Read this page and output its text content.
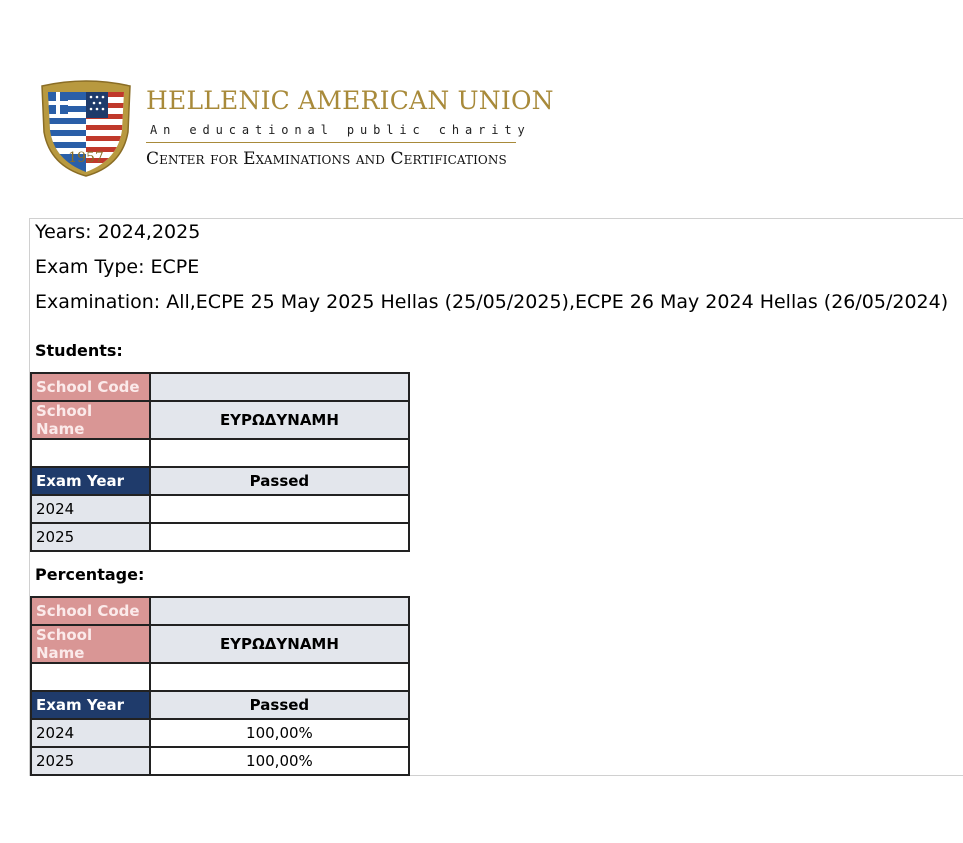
1957
HELLENIC AMERICAN UNION
An educational public charity
Center for Examinations and Certifications
Years: 2024,2025
Exam Type: ECPE
Examination: All,ECPE 25 May 2025 Hellas (25/05/2025),ECPE 26 May 2024 Hellas (26/05/2024)
Students:
School Code	
School Name	ΕΥΡΩΔΥΝΑΜΗ

Exam Year	Passed
2024	
2025	
Percentage:
School Code	
School Name	ΕΥΡΩΔΥΝΑΜΗ

Exam Year	Passed
2024	100,00%
2025	100,00%
